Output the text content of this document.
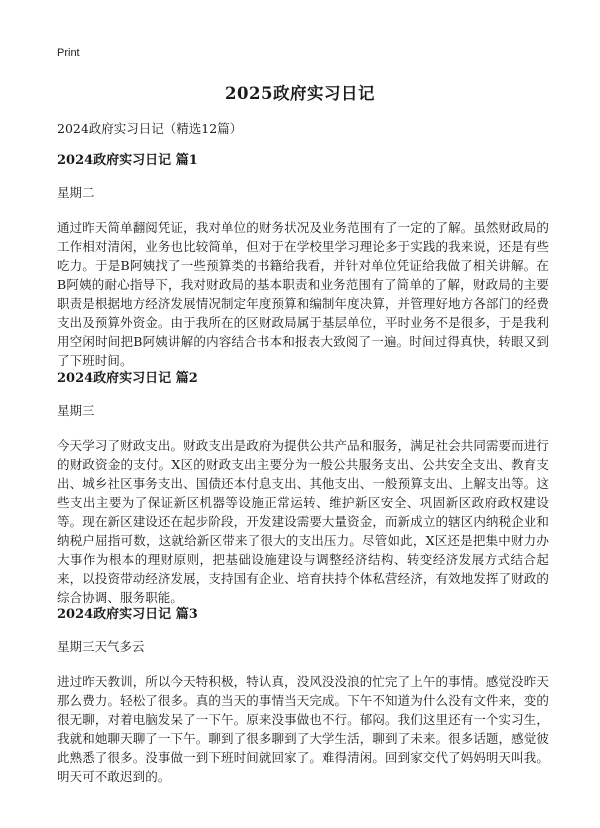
Print
2025政府实习日记
2024政府实习日记（精选12篇）

2024政府实习日记 篇1

星期二

通过昨天简单翻阅凭证，我对单位的财务状况及业务范围有了一定的了解。虽然财政局的工作相对清闲，业务也比较简单，但对于在学校里学习理论多于实践的我来说，还是有些吃力。于是B阿姨找了一些预算类的书籍给我看，并针对单位凭证给我做了相关讲解。在B阿姨的耐心指导下，我对财政局的基本职责和业务范围有了简单的了解，财政局的主要职责是根据地方经济发展情况制定年度预算和编制年度决算，并管理好地方各部门的经费支出及预算外资金。由于我所在的区财政局属于基层单位，平时业务不是很多，于是我利用空闲时间把B阿姨讲解的内容结合书本和报表大致阅了一遍。时间过得真快，转眼又到了下班时间。

2024政府实习日记 篇2

星期三

今天学习了财政支出。财政支出是政府为提供公共产品和服务，满足社会共同需要而进行的财政资金的支付。X区的财政支出主要分为一般公共服务支出、公共安全支出、教育支出、城乡社区事务支出、国债还本付息支出、其他支出、一般预算支出、上解支出等。这些支出主要为了保证新区机器等设施正常运转、维护新区安全、巩固新区政府政权建设等。现在新区建设还在起步阶段，开发建设需要大量资金，而新成立的辖区内纳税企业和纳税户屈指可数，这就给新区带来了很大的支出压力。尽管如此，X区还是把集中财力办大事作为根本的理财原则，把基础设施建设与调整经济结构、转变经济发展方式结合起来，以投资带动经济发展，支持国有企业、培育扶持个体私营经济，有效地发挥了财政的综合协调、服务职能。

2024政府实习日记 篇3

星期三天气多云

进过昨天教训，所以今天特积极，特认真，没风没没浪的忙完了上午的事情。感觉没昨天那么费力。轻松了很多。真的当天的事情当天完成。下午不知道为什么没有文件来，变的很无聊，对着电脑发呆了一下午。原来没事做也不行。郁闷。我们这里还有一个实习生，我就和她聊天聊了一下午。聊到了很多聊到了大学生活，聊到了未来。很多话题，感觉彼此熟悉了很多。没事做一到下班时间就回家了。难得清闲。回到家交代了妈妈明天叫我。明天可不敢迟到的。
